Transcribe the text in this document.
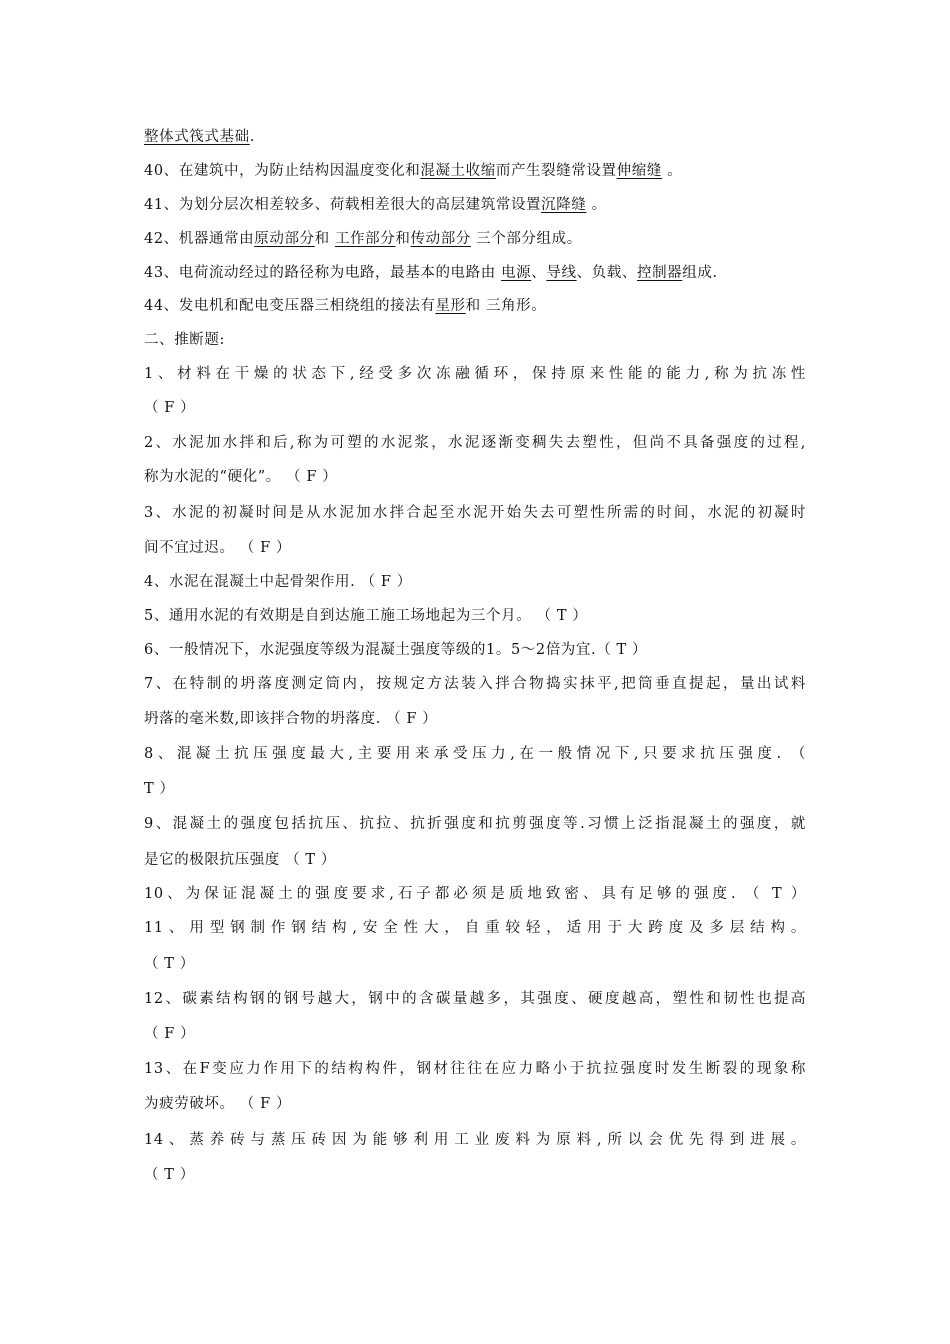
整体式筏式基础.
40、在建筑中，为防止结构因温度变化和混凝土收缩而产生裂缝常设置伸缩缝 。
41、为划分层次相差较多、荷载相差很大的高层建筑常设置沉降缝 。
42、机器通常由原动部分和 工作部分和传动部分 三个部分组成。
43、电荷流动经过的路径称为电路，最基本的电路由 电源、导线、负载、控制器组成.
44、发电机和配电变压器三相绕组的接法有星形和 三角形。
二、推断题:
1、材料在干燥的状态下,经受多次冻融循环，保持原来性能的能力,称为抗冻性
（ F ）
2、水泥加水拌和后,称为可塑的水泥浆，水泥逐渐变稠失去塑性，但尚不具备强度的过程,
称为水泥的“硬化”。 （ F ）
3、水泥的初凝时间是从水泥加水拌合起至水泥开始失去可塑性所需的时间，水泥的初凝时
间不宜过迟。 （ F ）
4、水泥在混凝土中起骨架作用. （ F ）
5、通用水泥的有效期是自到达施工施工场地起为三个月。 （ T ）
6、一般情况下，水泥强度等级为混凝土强度等级的1。5～2倍为宜.（ T ）
7、在特制的坍落度测定筒内，按规定方法装入拌合物捣实抹平,把筒垂直提起，量出试料
坍落的毫米数,即该拌合物的坍落度. （ F ）
8、混凝土抗压强度最大,主要用来承受压力,在一般情况下,只要求抗压强度. （
T ）
9、混凝土的强度包括抗压、抗拉、抗折强度和抗剪强度等.习惯上泛指混凝土的强度，就
是它的极限抗压强度 （ T ）
10、为保证混凝土的强度要求,石子都必须是质地致密、具有足够的强度. （ T ）
11、用型钢制作钢结构,安全性大，自重较轻，适用于大跨度及多层结构。
（ T ）
12、碳素结构钢的钢号越大，钢中的含碳量越多，其强度、硬度越高，塑性和韧性也提高
（ F ）
13、在F变应力作用下的结构构件，钢材往往在应力略小于抗拉强度时发生断裂的现象称
为疲劳破坏。 （ F ）
14、蒸养砖与蒸压砖因为能够利用工业废料为原料,所以会优先得到进展。
（ T ）
